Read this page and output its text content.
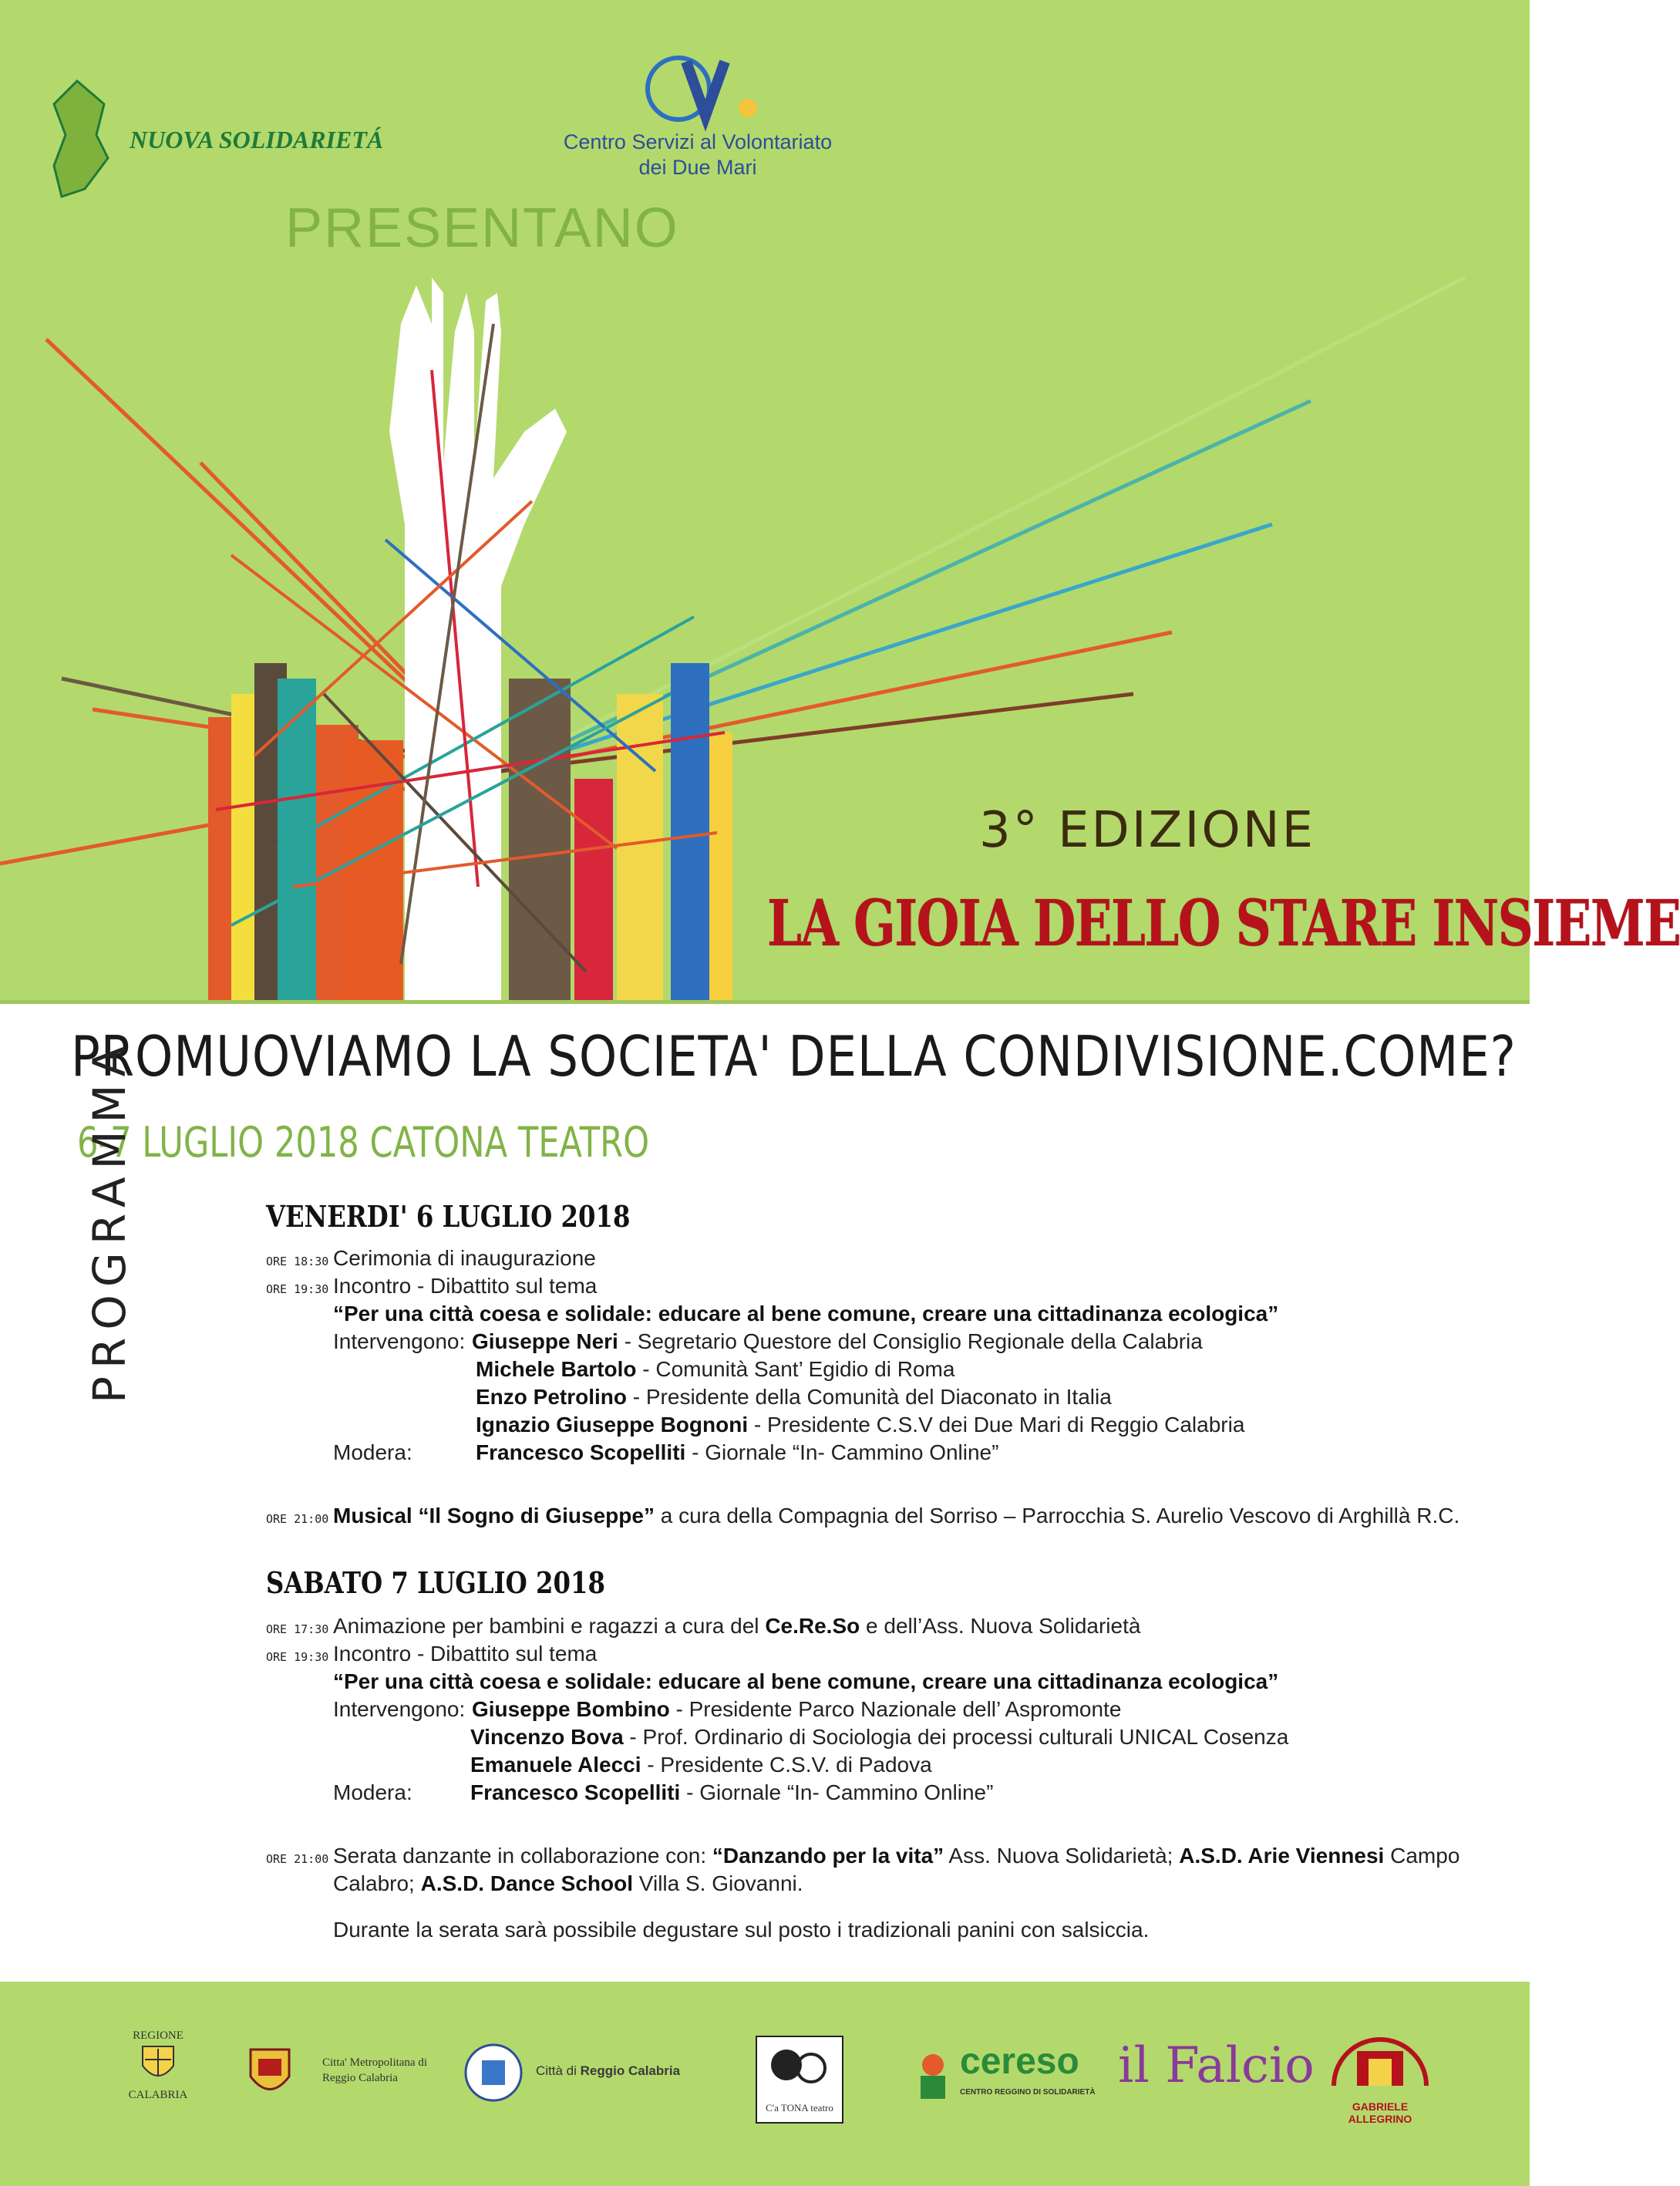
NUOVA SOLIDARIETÁ	Centro Servizi al Volontariato
dei Due Mari
PRESENTANO
3° EDIZIONE
LA GIOIA DELLO STARE INSIEME
PROMUOVIAMO LA SOCIETA' DELLA CONDIVISIONE.COME?
6-7 LUGLIO 2018 CATONA TEATRO
PROGRAMMA	VENERDI' 6 LUGLIO 2018
ORE 18:30 Cerimonia di inaugurazione
ORE 19:30 Incontro - Dibattito sul tema
“Per una città coesa e solidale: educare al bene comune, creare una cittadinanza ecologica”
Intervengono: Giuseppe Neri - Segretario Questore del Consiglio Regionale della Calabria
Michele Bartolo - Comunità Sant’ Egidio di Roma
Enzo Petrolino - Presidente della Comunità del Diaconato in Italia
Ignazio Giuseppe Bognoni - Presidente C.S.V dei Due Mari di Reggio Calabria
Modera:	Francesco Scopelliti - Giornale “In- Cammino Online”
ORE 21:00 Musical “Il Sogno di Giuseppe” a cura della Compagnia del Sorriso – Parrocchia S. Aurelio Vescovo di Arghillà R.C.
SABATO 7 LUGLIO 2018
ORE 17:30 Animazione per bambini e ragazzi a cura del Ce.Re.So e dell’Ass. Nuova Solidarietà
ORE 19:30 Incontro - Dibattito sul tema
“Per una città coesa e solidale: educare al bene comune, creare una cittadinanza ecologica”
Intervengono: Giuseppe Bombino - Presidente Parco Nazionale dell’ Aspromonte
Vincenzo Bova - Prof. Ordinario di Sociologia dei processi culturali UNICAL Cosenza
Emanuele Alecci - Presidente C.S.V. di Padova
Modera:	Francesco Scopelliti - Giornale “In- Cammino Online”
ORE 21:00 Serata danzante in collaborazione con: “Danzando per la vita” Ass. Nuova Solidarietà; A.S.D. Arie Viennesi Campo
Calabro; A.S.D. Dance School Villa S. Giovanni.
Durante la serata sarà possibile degustare sul posto i tradizionali panini con salsiccia.
REGIONE
CALABRIA
Citta' Metropolitana di Reggio Calabria	Città di Reggio Calabria
C'a TONA teatro
cereso
CENTRO REGGINO DI SOLIDARIETÀ il Falcio
GABRIELE ALLEGRINO
